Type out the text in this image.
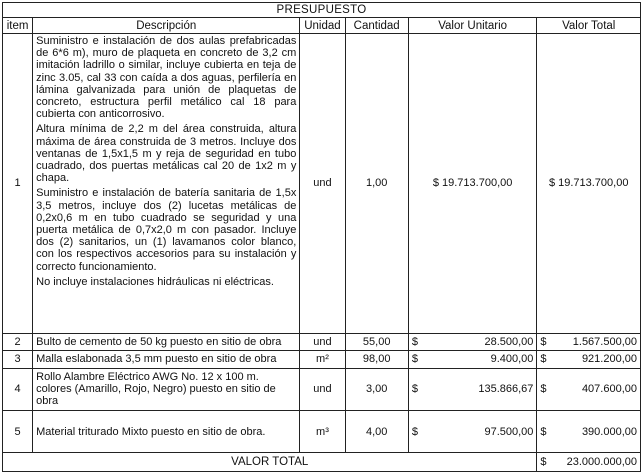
PRESUPUESTO					
item	Descripción	Unidad	Cantidad	Valor Unitario	Valor Total
1	Suministro e instalación de dos aulas prefabricadas de 6*6 m), muro de plaqueta en concreto de 3,2 cm imitación ladrillo o similar, incluye cubierta en teja de zinc 3.05, cal 33 con caída a dos aguas, perfilería en lámina galvanizada para unión de plaquetas de concreto, estructura perfil metálico cal 18 para cubierta con anticorrosivo.

Altura mínima de 2,2 m del área construida, altura máxima de área construida de 3 metros. Incluye dos ventanas de 1,5x1,5 m y reja de seguridad en tubo cuadrado, dos puertas metálicas cal 20 de 1x2 m y chapa.

Suministro e instalación de batería sanitaria de 1,5x 3,5 metros, incluye dos (2) lucetas metálicas de 0,2x0,6 m en tubo cuadrado se seguridad y una puerta metálica de 0,7x2,0 m con pasador. Incluye dos (2) sanitarios, un (1) lavamanos color blanco, con los respectivos accesorios para su instalación y correcto funcionamiento.

No incluye instalaciones hidráulicas ni eléctricas.	und	1,00	$ 19.713.700,00	$ 19.713.700,00
2	Bulto de cemento de 50 kg puesto en sitio de obra	und	55,00	$ 28.500,00	$ 1.567.500,00

3	Malla eslabonada 3,5 mm puesto en sitio de obra	m²	98,00	$ 9.400,00	$ 921.200,00

4	Rollo Alambre Eléctrico AWG No. 12 x 100 m. colores (Amarillo, Rojo, Negro) puesto en sitio de obra	und	3,00	$ 135.866,67	$ 407.600,00

5	Material triturado Mixto puesto en sitio de obra.	m³	4,00	$ 97.500,00	$ 390.000,00

VALOR TOTAL					$ 23.000.000,00
